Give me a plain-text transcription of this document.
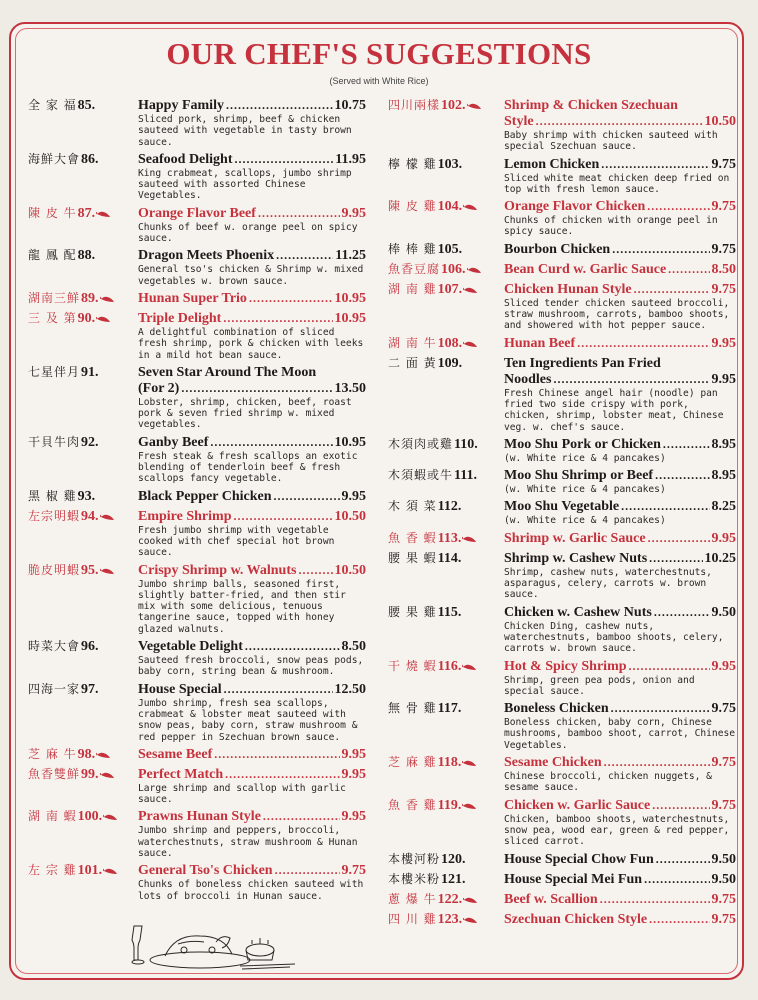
OUR CHEF'S SUGGESTIONS
(Served with White Rice)
全 家 福 85.	Happy Family .....	10.75
Sliced pork, shrimp, beef & chicken sauteed with vegetable in tasty brown sauce.
海鮮大會 86.	Seafood Delight .....	11.95
King crabmeat, scallops, jumbo shrimp sauteed with assorted Chinese Vegetables.
陳 皮 牛 87.	Orange Flavor Beef .....	9.95
Chunks of beef w. orange peel on spicy sauce.
龍 鳳 配 88.	Dragon Meets Phoenix .....	11.25
General tso's chicken & Shrimp w. mixed vegetables w. brown sauce.
湖南三鮮 89.	Hunan Super Trio .....	10.95
三 及 第 90.	Triple Delight .....	10.95
A delightful combination of sliced fresh shrimp, pork & chicken with leeks in a mild hot bean sauce.
七星伴月 91.	Seven Star Around The Moon
(For 2) .....	13.50
Lobster, shrimp, chicken, beef, roast pork & seven fried shrimp w. mixed vegetables.
干貝牛肉 92.	Ganby Beef .....	10.95
Fresh steak & fresh scallops an exotic blending of tenderloin beef & fresh scallops fancy vegetable.
黑 椒 雞 93.	Black Pepper Chicken .....	9.95
左宗明蝦 94.	Empire Shrimp .....	10.50
Fresh jumbo shrimp with vegetable cooked with chef special hot brown sauce.
脆皮明蝦 95.	Crispy Shrimp w. Walnuts .....	10.50
Jumbo shrimp balls, seasoned first, slightly batter-fried, and then stir mix with some delicious, tenuous tangerine sauce, topped with honey glazed walnuts.
時菜大會 96.	Vegetable Delight .....	8.50
Sauteed fresh broccoli, snow peas pods, baby corn, string bean & mushroom.
四海一家 97.	House Special .....	12.50
Jumbo shrimp, fresh sea scallops, crabmeat & lobster meat sauteed with snow peas, baby corn, straw mushroom & red pepper in Szechuan brown sauce.
芝 麻 牛 98.	Sesame Beef .....	9.95
魚香雙鮮 99.	Perfect Match .....	9.95
Large shrimp and scallop with garlic sauce.
湖 南 蝦 100.	Prawns Hunan Style .....	9.95
Jumbo shrimp and peppers, broccoli, waterchestnuts, straw mushroom & Hunan sauce.
左 宗 雞 101.	General Tso's Chicken .....	9.75
Chunks of boneless chicken sauteed with lots of broccoli in Hunan sauce.
四川兩樣 102.	Shrimp & Chicken Szechuan
Style .....	10.50
Baby shrimp with chicken sauteed with special Szechuan sauce.
檸 檬 雞 103.	Lemon Chicken .....	9.75
Sliced white meat chicken deep fried on top with fresh lemon sauce.
陳 皮 雞 104.	Orange Flavor Chicken .....	9.75
Chunks of chicken with orange peel in spicy sauce.
棒 棒 雞 105.	Bourbon Chicken .....	9.75
魚香豆腐 106.	Bean Curd w. Garlic Sauce .....	8.50
湖 南 雞 107.	Chicken Hunan Style .....	9.75
Sliced tender chicken sauteed broccoli, straw mushroom, carrots, bamboo shoots, and showered with hot pepper sauce.
湖 南 牛 108.	Hunan Beef .....	9.95
二 面 黃 109.	Ten Ingredients Pan Fried
Noodles .....	9.95
Fresh Chinese angel hair (noodle) pan fried two side crispy with pork, chicken, shrimp, lobster meat, Chinese veg. w. chef's sauce.
木須肉或雞 110. Moo Shu Pork or Chicken .....	8.95
(w. White rice & 4 pancakes)
木須蝦或牛 111. Moo Shu Shrimp or Beef .....	8.95
(w. White rice & 4 pancakes)
木 須 菜 112.	Moo Shu Vegetable .....	8.25
(w. White rice & 4 pancakes)
魚 香 蝦 113.	Shrimp w. Garlic Sauce .....	9.95
腰 果 蝦 114.	Shrimp w. Cashew Nuts .....	10.25
Shrimp, cashew nuts, waterchestnuts, asparagus, celery, carrots w. brown sauce.
腰 果 雞 115.	Chicken w. Cashew Nuts .....	9.50
Chicken Ding, cashew nuts, waterchestnuts, bamboo shoots, celery, carrots w. brown sauce.
干 燒 蝦 116.	Hot & Spicy Shrimp .....	9.95
Shrimp, green pea pods, onion and special sauce.
無 骨 雞 117.	Boneless Chicken .....	9.75
Boneless chicken, baby corn, Chinese mushrooms, bamboo shoot, carrot, Chinese Vegetables.
芝 麻 雞 118.	Sesame Chicken .....	9.75
Chinese broccoli, chicken nuggets, & sesame sauce.
魚 香 雞 119.	Chicken w. Garlic Sauce .....	9.75
Chicken, bamboo shoots, waterchestnuts, snow pea, wood ear, green & red pepper, sliced carrot.
本樓河粉 120.	House Special Chow Fun .....	9.50
本樓米粉 121.	House Special Mei Fun .....	9.50
蔥 爆 牛 122.	Beef w. Scallion .....	9.75
四 川 雞 123.	Szechuan Chicken Style .....	9.75
